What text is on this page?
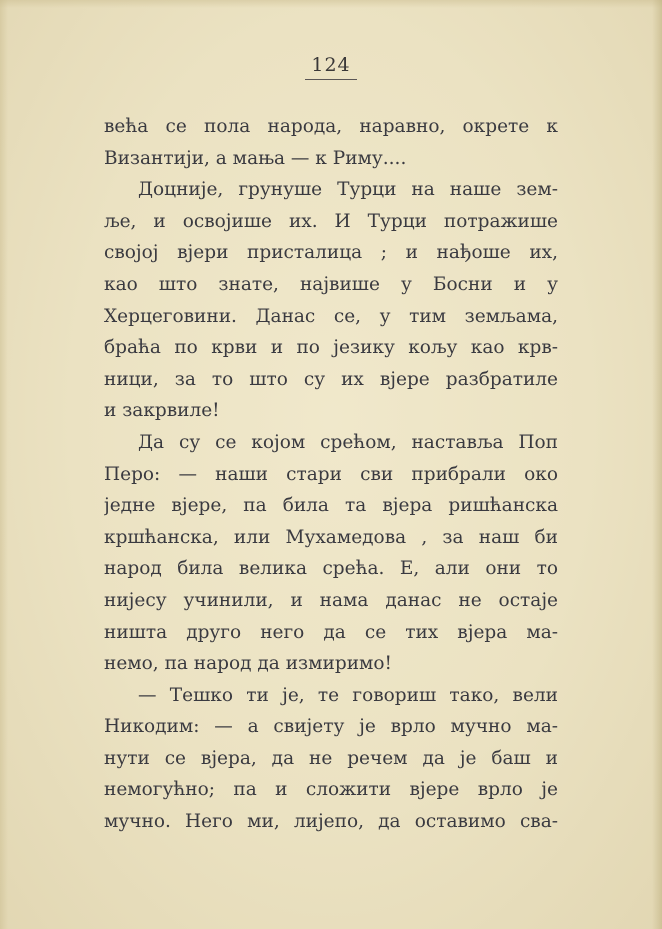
124
већа се пола народа, наравно, окрете к
Византији, а мања — к Риму....
Доцније, грунуше Турци на наше зем-
ље, и освојише их. И Турци потражише
својој вјери присталица ; и нађоше их,
као што знате, највише у Босни и у
Херцеговини. Данас се, у тим земљама,
браћа по крви и по језику кољу као крв-
ници, за то што су их вјере разбратиле
и закрвиле!
Да су се којом срећом, наставља Поп
Перо: — наши стари сви прибрали око
једне вјере, па била та вјера ришћанска
кршћанска, или Мухамедова , за наш би
народ била велика срећа. Е, али они то
нијесу учинили, и нама данас не остаје
ништа друго него да се тих вјера ма-
немо, па народ да измиримо!
— Тешко ти је, те говориш тако, вели
Никодим: — а свијету је врло мучно ма-
нути се вјера, да не речем да је баш и
немогућно; па и сложити вјере врло је
мучно. Него ми, лијепо, да оставимо сва-
